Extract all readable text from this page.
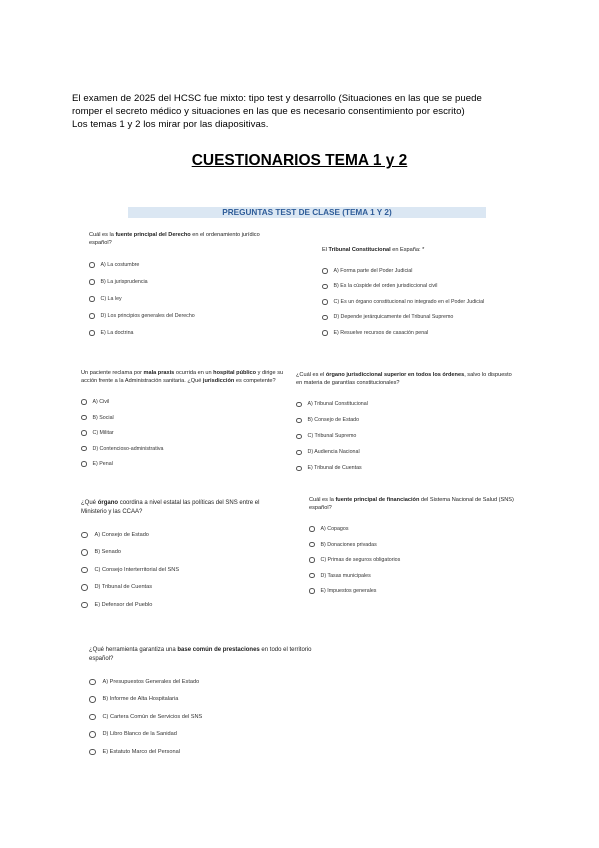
El examen de 2025 del HCSC fue mixto: tipo test y desarrollo (Situaciones en las que se puede

romper el secreto médico y situaciones en las que es necesario consentimiento por escrito)

Los temas 1 y 2 los mirar por las diapositivas.

CUESTIONARIOS TEMA 1 y 2
PREGUNTAS TEST DE CLASE (TEMA 1 Y 2)
Cuál es la fuente principal del Derecho en el ordenamiento jurídico español?
A) La costumbre
B) La jurisprudencia
C) La ley
D) Los principios generales del Derecho
E) La doctrina
El Tribunal Constitucional en España: *
A) Forma parte del Poder Judicial
B) Es la cúspide del orden jurisdiccional civil
C) Es un órgano constitucional no integrado en el Poder Judicial
D) Depende jerárquicamente del Tribunal Supremo
E) Resuelve recursos de casación penal
Un paciente reclama por mala praxis ocurrida en un hospital público y dirige su acción frente a la Administración sanitaria. ¿Qué jurisdicción es competente?
A) Civil
B) Social
C) Militar
D) Contencioso-administrativa
E) Penal
¿Cuál es el órgano jurisdiccional superior en todos los órdenes, salvo lo dispuesto en materia de garantías constitucionales?
A) Tribunal Constitucional
B) Consejo de Estado
C) Tribunal Supremo
D) Audiencia Nacional
E) Tribunal de Cuentas
¿Qué órgano coordina a nivel estatal las políticas del SNS entre el Ministerio y las CCAA?
A) Consejo de Estado
B) Senado
C) Consejo Interterritorial del SNS
D) Tribunal de Cuentas
E) Defensor del Pueblo
Cuál es la fuente principal de financiación del Sistema Nacional de Salud (SNS) español?
A) Copagos
B) Donaciones privadas
C) Primas de seguros obligatorios
D) Tasas municipales
E) Impuestos generales
¿Qué herramienta garantiza una base común de prestaciones en todo el territorio español?
A) Presupuestos Generales del Estado
B) Informe de Alta Hospitalaria
C) Cartera Común de Servicios del SNS
D) Libro Blanco de la Sanidad
E) Estatuto Marco del Personal
